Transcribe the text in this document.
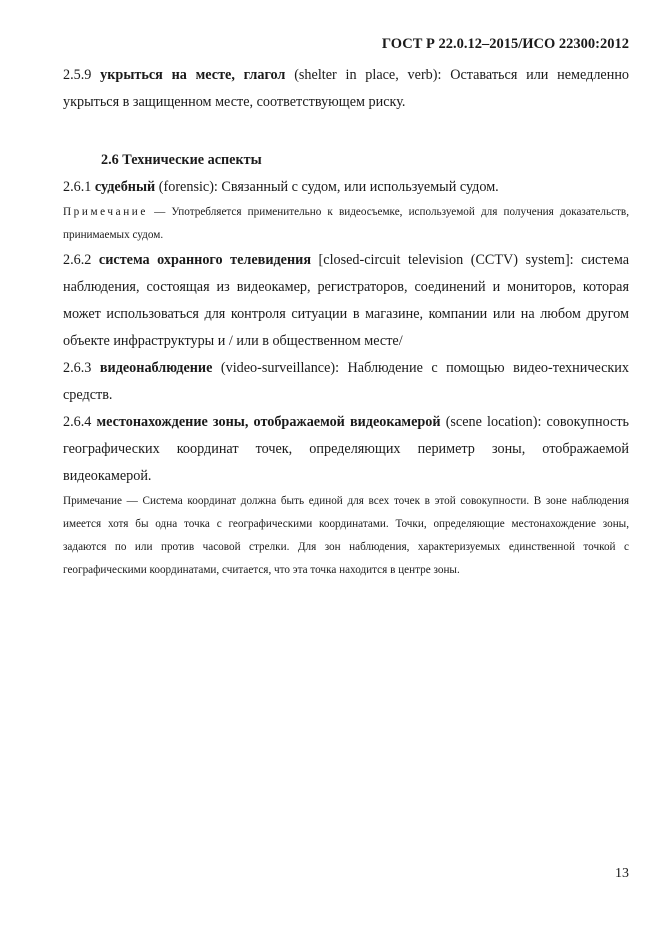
ГОСТ Р 22.0.12–2015/ИСО 22300:2012

2.5.9 укрыться на месте, глагол (shelter in place, verb): Оставаться или немедленно укрыться в защищенном месте, соответствующем риску.

2.6 Технические аспекты

2.6.1 судебный (forensic): Связанный с судом, или используемый судом.

Примечание — Употребляется применительно к видеосъемке, используемой для получения доказательств, принимаемых судом.

2.6.2 система охранного телевидения [closed-circuit television (CCTV) system]: система наблюдения, состоящая из видеокамер, регистраторов, соединений и мониторов, которая может использоваться для контроля ситуации в магазине, компании или на любом другом объекте инфраструктуры и / или в общественном месте/

2.6.3 видеонаблюдение (video-surveillance): Наблюдение с помощью видео-технических средств.

2.6.4 местонахождение зоны, отображаемой видеокамерой (scene location): совокупность географических координат точек, определяющих периметр зоны, отображаемой видеокамерой.

Примечание — Система координат должна быть единой для всех точек в этой совокупности. В зоне наблюдения имеется хотя бы одна точка с географическими координатами. Точки, определяющие местонахождение зоны, задаются по или против часовой стрелки. Для зон наблюдения, характеризуемых единственной точкой с географическими координатами, считается, что эта точка находится в центре зоны.

13
